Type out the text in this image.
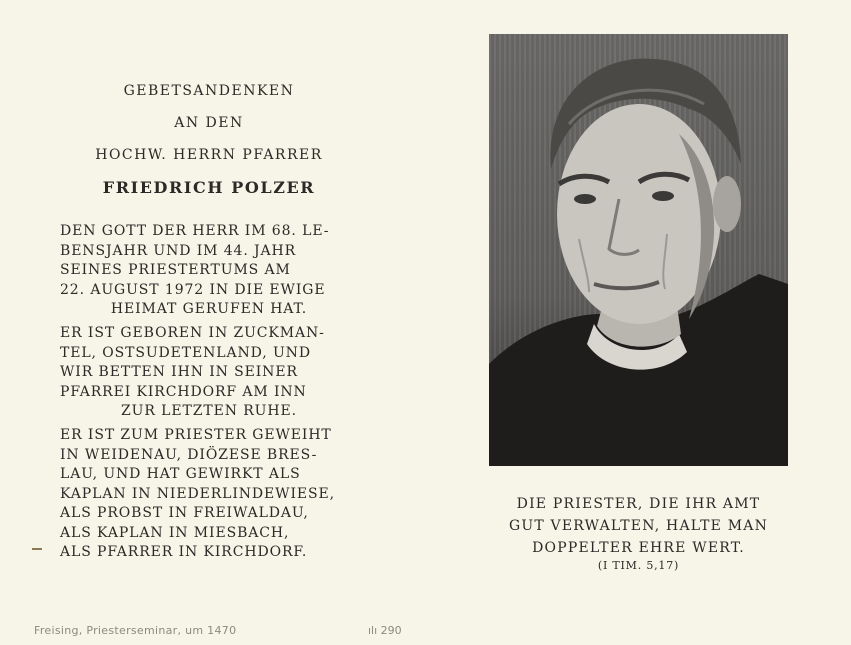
GEBETSANDENKEN

AN DEN

HOCHW. HERRN PFARRER

FRIEDRICH POLZER
DEN GOTT DER HERR IM 68. LE-
BENSJAHR UND IM 44. JAHR
SEINES PRIESTERTUMS AM
22. AUGUST 1972 IN DIE EWIGE
HEIMAT GERUFEN HAT.
ER IST GEBOREN IN ZUCKMAN-
TEL, OSTSUDETENLAND, UND
WIR BETTEN IHN IN SEINER
PFARREI KIRCHDORF AM INN
ZUR LETZTEN RUHE.
ER IST ZUM PRIESTER GEWEIHT
IN WEIDENAU, DIÖZESE BRES-
LAU, UND HAT GEWIRKT ALS
KAPLAN IN NIEDERLINDEWIESE,
ALS PROBST IN FREIWALDAU,
ALS KAPLAN IN MIESBACH,
ALS PFARRER IN KIRCHDORF.
DIE PRIESTER, DIE IHR AMT
GUT VERWALTEN, HALTE MAN
DOPPELTER EHRE WERT.
(I TIM. 5,17)
Freising, Priesterseminar, um 1470	ılı 290
